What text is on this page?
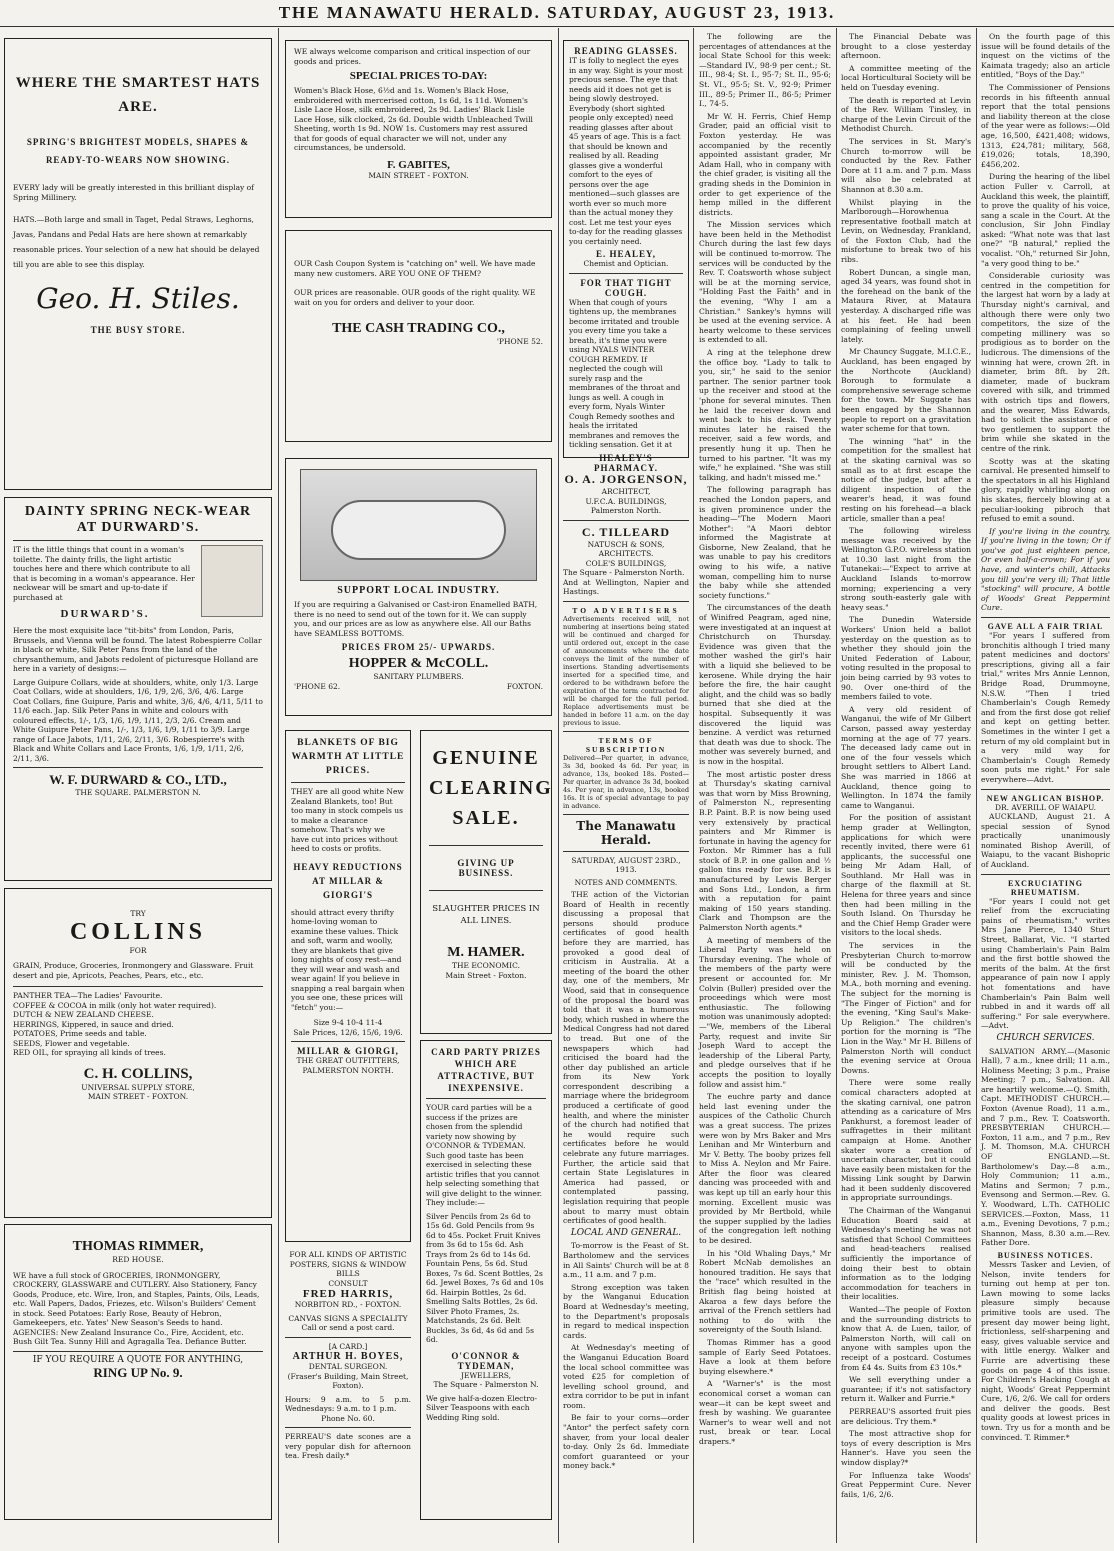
THE MANAWATU HERALD. SATURDAY, AUGUST 23, 1913.
WHERE THE SMARTEST HATS ARE.
SPRING'S BRIGHTEST MODELS, SHAPES & READY-TO-WEARS NOW SHOWING.
EVERY lady will be greatly interested in this brilliant display of Spring Millinery.
HATS.—Both large and small in Taget, Pedal Straws, Leghorns, Javas, Pandans and Pedal Hats are here shown at remarkably reasonable prices. Your selection of a new hat should be delayed till you are able to see this display.
Geo. H. Stiles.
THE BUSY STORE.
DAINTY SPRING NECK-WEAR AT DURWARD'S.
IT is the little things that count in a woman's toilette. The dainty frills, the light artistic touches here and there which contribute to all that is becoming in a woman's appearance. Her neckwear will be smart and up-to-date if purchased at
DURWARD'S.
Here the most exquisite lace "tit-bits" from London, Paris, Brussels, and Vienna will be found. The latest Robespierre Collar in black or white, Silk Peter Pans from the land of the chrysanthemum, and Jabots redolent of picturesque Holland are here in a variety of designs:—
Large Guipure Collars, wide at shoulders, white, only 1/3. Large Coat Collars, wide at shoulders, 1/6, 1/9, 2/6, 3/6, 4/6. Large Coat Collars, fine Guipure, Paris and white, 3/6, 4/6, 4/11, 5/11 to 11/6 each. Jap. Silk Peter Pans in white and colours with coloured effects, 1/-, 1/3, 1/6, 1/9, 1/11, 2/3, 2/6. Cream and White Guipure Peter Pans, 1/-, 1/3, 1/6, 1/9, 1/11 to 3/9. Large range of Lace Jabots, 1/11, 2/6, 2/11, 3/6. Robespierre's with Black and White Collars and Lace Fronts, 1/6, 1/9, 1/11, 2/6, 2/11, 3/6.
W. F. DURWARD & CO., LTD.,
THE SQUARE. PALMERSTON N.
TRY
COLLINS
FOR
GRAIN, Produce, Groceries, Ironmongery and Glassware. Fruit desert and pie, Apricots, Peaches, Pears, etc., etc.
PANTHER TEA—The Ladies' Favourite.
COFFEE & COCOA in milk (only hot water required).
DUTCH & NEW ZEALAND CHEESE.
HERRINGS, Kippered, in sauce and dried.
POTATOES, Prime seeds and table.
SEEDS, Flower and vegetable.
RED OIL, for spraying all kinds of trees.
C. H. COLLINS,
UNIVERSAL SUPPLY STORE,
MAIN STREET - FOXTON.
THOMAS RIMMER,
RED HOUSE.
WE have a full stock of GROCERIES, IRONMONGERY, CROCKERY, GLASSWARE and CUTLERY. Also Stationery, Fancy Goods, Produce, etc. Wire, Iron, and Staples, Paints, Oils, Leads, etc. Wall Papers, Dados, Friezes, etc. Wilson's Builders' Cement in stock. Seed Potatoes: Early Rose, Beauty of Hebron, Gamekeepers, etc. Yates' New Season's Seeds to hand. AGENCIES: New Zealand Insurance Co., Fire, Accident, etc. Bush Gilt Tea. Sunny Hill and Agragalla Tea. Defiance Butter.
IF YOU REQUIRE A QUOTE FOR ANYTHING,
RING UP No. 9.
WE always welcome comparison and critical inspection of our goods and prices.
SPECIAL PRICES TO-DAY:
Women's Black Hose, 6½d and 1s. Women's Black Hose, embroidered with mercerised cotton, 1s 6d, 1s 11d. Women's Lisle Lace Hose, silk embroidered, 2s 9d. Ladies' Black Lisle Lace Hose, silk clocked, 2s 6d. Double width Unbleached Twill Sheeting, worth 1s 9d. NOW 1s. Customers may rest assured that for goods of equal character we will not, under any circumstances, be undersold.
F. GABITES,
MAIN STREET - FOXTON.
OUR Cash Coupon System is "catching on" well. We have made many new customers. ARE YOU ONE OF THEM?
OUR prices are reasonable. OUR goods of the right quality. WE wait on you for orders and deliver to your door.
THE CASH TRADING CO.,
'PHONE 52.
SUPPORT LOCAL INDUSTRY.
If you are requiring a Galvanised or Cast-iron Enamelled BATH, there is no need to send out of the town for it. We can supply you, and our prices are as low as anywhere else. All our Baths have SEAMLESS BOTTOMS.
PRICES FROM 25/- UPWARDS.
HOPPER & McCOLL.
SANITARY PLUMBERS.
'PHONE 62.	FOXTON.
BLANKETS OF BIG WARMTH AT LITTLE PRICES.
THEY are all good white New Zealand Blankets, too! But too many in stock compels us to make a clearance somehow. That's why we have cut into prices without heed to costs or profits.
HEAVY REDUCTIONS AT MILLAR & GIORGI'S
should attract every thrifty home-loving woman to examine these values. Thick and soft, warm and woolly, they are blankets that give long nights of cosy rest—and they will wear and wash and wear again! If you believe in snapping a real bargain when you see one, these prices will "fetch" you:—
Size 9-4 10-4 11-4
Sale Prices, 12/6, 15/6, 19/6.
MILLAR & GIORGI,
THE GREAT OUTFITTERS, PALMERSTON NORTH.
FOR ALL KINDS OF ARTISTIC POSTERS, SIGNS & WINDOW BILLS
CONSULT
FRED HARRIS,
NORBITON RD., - FOXTON.
CANVAS SIGNS A SPECIALITY
Call or send a post card.
[A CARD.]
ARTHUR H. BOYES,
DENTAL SURGEON.
(Fraser's Building, Main Street, Foxton).
Hours: 9 a.m. to 5 p.m. Wednesdays: 9 a.m. to 1 p.m.
Phone No. 60.
PERREAU'S date scones are a very popular dish for afternoon tea. Fresh daily.*
GENUINE CLEARING SALE.
GIVING UP BUSINESS.
SLAUGHTER PRICES IN ALL LINES.
M. HAMER.
THE ECONOMIC.
Main Street - Foxton.
CARD PARTY PRIZES WHICH ARE ATTRACTIVE, BUT INEXPENSIVE.
YOUR card parties will be a success if the prizes are chosen from the splendid variety now showing by O'CONNOR & TYDEMAN. Such good taste has been exercised in selecting these artistic trifles that you cannot help selecting something that will give delight to the winner. They include:—
Silver Pencils from 2s 6d to 15s 6d. Gold Pencils from 9s 6d to 45s. Pocket Fruit Knives from 3s 6d to 15s 6d. Ash Trays from 2s 6d to 14s 6d. Fountain Pens, 5s 6d. Stud Boxes, 7s 6d. Scent Bottles, 2s 6d. Jewel Boxes, 7s 6d and 10s 6d. Hairpin Bottles, 2s 6d. Smelling Salts Bottles, 2s 6d. Silver Photo Frames, 2s. Matchstands, 2s 6d. Belt Buckles, 3s 6d, 4s 6d and 5s 6d.
O'CONNOR & TYDEMAN,
JEWELLERS,
The Square - Palmerston N.
We give half-a-dozen Electro-Silver Teaspoons with each Wedding Ring sold.
READING GLASSES.
IT is folly to neglect the eyes in any way. Sight is your most precious sense. The eye that needs aid it does not get is being slowly destroyed. Everybody (short sighted people only excepted) need reading glasses after about 45 years of age. This is a fact that should be known and realised by all. Reading glasses give a wonderful comfort to the eyes of persons over the age mentioned—such glasses are worth ever so much more than the actual money they cost. Let me test your eyes to-day for the reading glasses you certainly need.
E. HEALEY,
Chemist and Optician.
FOR THAT TIGHT COUGH.
When that cough of yours tightens up, the membranes become irritated and trouble you every time you take a breath, it's time you were using NYALS WINTER COUGH REMEDY. If neglected the cough will surely rasp and the membranes of the throat and lungs as well. A cough in every form, Nyals Winter Cough Remedy soothes and heals the irritated membranes and removes the tickling sensation. Get it at
HEALEY'S PHARMACY.
O. A. JORGENSON,
ARCHITECT,
U.F.C.A. BUILDINGS,
Palmerston North.
C. TILLEARD
NATUSCH & SONS,
ARCHITECTS.
COLE'S BUILDINGS,
The Square - Palmerston North.
And at Wellington, Napier and Hastings.
TO ADVERTISERS
Advertisements received will, not numbering at insertions being stated will be continued and charged for until ordered out, except in the case of announcements where the date conveys the limit of the number of insertions. Standing advertisements inserted for a specified time, and ordered to be withdrawn before the expiration of the term contracted for will be charged for the full period. Replace advertisements must be handed in before 11 a.m. on the day previous to issue.
TERMS OF SUBSCRIPTION
Delivered—Per quarter, in advance, 3s 3d, booked 4s 6d. Per year, in advance, 13s, booked 18s. Posted—Per quarter, in advance 3s 3d, booked 4s. Per year, in advance, 13s, booked 16s. It is of special advantage to pay in advance.
The Manawatu Herald.
SATURDAY, AUGUST 23RD., 1913.
NOTES AND COMMENTS.

THE action of the Victorian Board of Health in recently discussing a proposal that persons should produce certificates of good health before they are married, has provoked a good deal of criticism in Australia. At a meeting of the board the other day, one of the members, Mr Wood, said that in consequence of the proposal the board was told that it was a humorous body, which rushed in where the Medical Congress had not dared to tread. But one of the newspapers which had criticised the board had the other day published an article from its New York correspondent describing a marriage where the bridegroom produced a certificate of good health, and where the minister of the church had notified that he would require such certificates before he would celebrate any future marriages. Further, the article said that certain State Legislatures in America had passed, or contemplated passing, legislation requiring that people about to marry must obtain certificates of good health.

LOCAL AND GENERAL.

To-morrow is the Feast of St. Bartholomew and the services in All Saints' Church will be at 8 a.m., 11 a.m. and 7 p.m.

Strong exception was taken by the Wanganui Education Board at Wednesday's meeting, to the Department's proposals in regard to medical inspection cards.

At Wednesday's meeting of the Wanganui Education Board the local school committee was voted £25 for completion of levelling school ground, and extra corridor to be put in infant room.

Be fair to your corns—order "Antor" the perfect safety corn shaver, from your local dealer to-day. Only 2s 6d. Immediate comfort guaranteed or your money back.*

The following are the percentages of attendances at the local State School for this week:—Standard IV., 98·9 per cent.; St. III., 98·4; St. I., 95·7; St. II., 95·6; St. VI., 95·5; St. V., 92·9; Primer III., 89·5; Primer II., 86·5; Primer I., 74·5.

Mr W. H. Ferris, Chief Hemp Grader, paid an official visit to Foxton yesterday. He was accompanied by the recently appointed assistant grader, Mr Adam Hall, who in company with the chief grader, is visiting all the grading sheds in the Dominion in order to get experience of the hemp milled in the different districts.

The Mission services which have been held in the Methodist Church during the last few days will be continued to-morrow. The services will be conducted by the Rev. T. Coatsworth whose subject will be at the morning service, "Holding Fast the Faith" and in the evening, "Why I am a Christian." Sankey's hymns will be used at the evening service. A hearty welcome to these services is extended to all.

A ring at the telephone drew the office boy. "Lady to talk to you, sir," he said to the senior partner. The senior partner took up the receiver and stood at the 'phone for several minutes. Then he laid the receiver down and went back to his desk. Twenty minutes later he raised the receiver, said a few words, and presently hung it up. Then he turned to his partner. "It was my wife," he explained. "She was still talking, and hadn't missed me."

The following paragraph has reached the London papers, and is given prominence under the heading—"The Modern Maori Mother": "A Maori debtor informed the Magistrate at Gisborne, New Zealand, that he was unable to pay his creditors owing to his wife, a native woman, compelling him to nurse the baby while she attended society functions."

The circumstances of the death of Winifred Peagram, aged nine, were investigated at an inquest at Christchurch on Thursday. Evidence was given that the mother washed the girl's hair with a liquid she believed to be kerosene. While drying the hair before the fire, the hair caught alight, and the child was so badly burned that she died at the hospital. Subsequently it was discovered the liquid was benzine. A verdict was returned that death was due to shock. The mother was severely burned, and is now in the hospital.

The most artistic poster dress at Thursday's skating carnival was that worn by Miss Browning, of Palmerston N., representing B.P. Paint. B.P. is now being used very extensively by practical painters and Mr Rimmer is fortunate in having the agency for Foxton. Mr Rimmer has a full stock of B.P. in one gallon and ½ gallon tins ready for use. B.P. is manufactured by Lewis Berger and Sons Ltd., London, a firm with a reputation for paint making of 150 years standing. Clark and Thompson are the Palmerston North agents.*

A meeting of members of the Liberal Party was held on Thursday evening. The whole of the members of the party were present or accounted for. Mr Colvin (Buller) presided over the proceedings which were most enthusiastic. The following motion was unanimously adopted:—"We, members of the Liberal Party, request and invite Sir Joseph Ward to accept the leadership of the Liberal Party, and pledge ourselves that if he accepts the position to loyally follow and assist him."

The euchre party and dance held last evening under the auspices of the Catholic Church was a great success. The prizes were won by Mrs Baker and Mrs Lenihan and Mr Winterburn and Mr V. Betty. The booby prizes fell to Miss A. Neylon and Mr Faire. After the floor was cleared dancing was proceeded with and was kept up till an early hour this morning. Excellent music was provided by Mr Bertbold, while the supper supplied by the ladies of the congregation left nothing to be desired.

In his "Old Whaling Days," Mr Robert McNab demolishes an honoured tradition. He says that the "race" which resulted in the British flag being hoisted at Akaroa a few days before the arrival of the French settlers had nothing to do with the sovereignty of the South Island.

Thomas Rimmer has a good sample of Early Seed Potatoes. Have a look at them before buying elsewhere.*

A "Warner's" is the most economical corset a woman can wear—it can be kept sweet and fresh by washing. We guarantee Warner's to wear well and not rust, break or tear. Local drapers.*

The Financial Debate was brought to a close yesterday afternoon.

A committee meeting of the local Horticultural Society will be held on Tuesday evening.

The death is reported at Levin of the Rev. William Tinsley, in charge of the Levin Circuit of the Methodist Church.

The services in St. Mary's Church to-morrow will be conducted by the Rev. Father Dore at 11 a.m. and 7 p.m. Mass will also be celebrated at Shannon at 8.30 a.m.

Whilst playing in the Marlborough—Horowhenua representative football match at Levin, on Wednesday, Frankland, of the Foxton Club, had the misfortune to break two of his ribs.

Robert Duncan, a single man, aged 34 years, was found shot in the forehead on the bank of the Mataura River, at Mataura yesterday. A discharged rifle was at his feet. He had been complaining of feeling unwell lately.

Mr Chauncy Suggate, M.I.C.E., Auckland, has been engaged by the Northcote (Auckland) Borough to formulate a comprehensive sewerage scheme for the town. Mr Suggate has been engaged by the Shannon people to report on a gravitation water scheme for that town.

The winning "hat" in the competition for the smallest hat at the skating carnival was so small as to at first escape the notice of the judge, but after a diligent inspection of the wearer's head, it was found resting on his forehead—a black article, smaller than a pea!

The following wireless message was received by the Wellington G.P.O. wireless station at 10.30 last night from the Tutanekai:—"Expect to arrive at Auckland Islands to-morrow morning; experiencing a very strong south-easterly gale with heavy seas."

The Dunedin Waterside Workers' Union held a ballot yesterday on the question as to whether they should join the United Federation of Labour, voting resulted in the proposal to join being carried by 93 votes to 90. Over one-third of the members failed to vote.

A very old resident of Wanganui, the wife of Mr Gilbert Carson, passed away yesterday morning at the age of 77 years. The deceased lady came out in one of the four vessels which brought settlers to Albert Land. She was married in 1866 at Auckland, thence going to Wellington. In 1874 the family came to Wanganui.

For the position of assistant hemp grader at Wellington, applications for which were recently invited, there were 61 applicants, the successful one being Mr Adam Hall, of Southland. Mr Hall was in charge of the flaxmill at St. Helena for three years and since then had been milling in the South Island. On Thursday he and the Chief Hemp Grader were visitors to the local sheds.

The services in the Presbyterian Church to-morrow will be conducted by the minister, Rev. J. M. Thomson, M.A., both morning and evening. The subject for the morning is "The Finger of Fiction" and for the evening, "King Saul's Make-Up Religion." The children's portion for the morning is "The Lion in the Way." Mr H. Billens of Palmerston North will conduct the evening service at Oroua Downs.

There were some really comical characters adopted at the skating carnival, one patron attending as a caricature of Mrs Pankhurst, a foremost leader of suffragettes in their militant campaign at Home. Another skater wore a creation of uncertain character, but it could have easily been mistaken for the Missing Link sought by Darwin had it been suddenly discovered in appropriate surroundings.

The Chairman of the Wanganui Education Board said at Wednesday's meeting he was not satisfied that School Committees and head-teachers realised sufficiently the importance of doing their best to obtain information as to the lodging accommodation for teachers in their localities.

Wanted—The people of Foxton and the surrounding districts to know that A. de Luen, tailor, of Palmerston North, will call on anyone with samples upon the receipt of a postcard. Costumes from £4 4s. Suits from £3 10s.*

We sell everything under a guarantee; if it's not satisfactory return it. Walker and Furrie.*

PERREAU'S assorted fruit pies are delicious. Try them.*

The most attractive shop for toys of every description is Mrs Hanner's. Have you seen the window display?*

For Influenza take Woods' Great Peppermint Cure. Never fails, 1/6, 2/6.

On the fourth page of this issue will be found details of the inquest on the victims of the Kaimata tragedy; also an article entitled, "Boys of the Day."

The Commissioner of Pensions records in his fifteenth annual report that the total pensions and liability thereon at the close of the year were as follows:—Old age, 16,500, £421,408; widows, 1313, £24,781; military, 568, £19,026; totals, 18,390, £456,202.

During the hearing of the libel action Fuller v. Carroll, at Auckland this week, the plaintiff, to prove the quality of his voice, sang a scale in the Court. At the conclusion, Sir John Findlay asked: "What note was that last one?" "B natural," replied the vocalist. "Oh," returned Sir John, "a very good thing to be."

Considerable curiosity was centred in the competition for the largest hat worn by a lady at Thursday night's carnival, and although there were only two competitors, the size of the competing millinery was so prodigious as to border on the ludicrous. The dimensions of the winning hat were, crown 2ft. in diameter, brim 8ft. by 2ft. diameter, made of buckram covered with silk, and trimmed with ostrich tips and flowers, and the wearer, Miss Edwards, had to solicit the assistance of two gentlemen to support the brim while she skated in the centre of the rink.

Scotty was at the skating carnival. He presented himself to the spectators in all his Highland glory, rapidly whirling along on his skates, fiercely blowing at a peculiar-looking pibroch that refused to emit a sound.

If you're living in the country, If you're living in the town; Or if you've got just eighteen pence, Or even half-a-crown; For if you have, and winter's chill, Attacks you till you're very ill; That little "stocking" will procure, A bottle of Woods' Great Peppermint Cure.

GAVE ALL A FAIR TRIAL

"For years I suffered from bronchitis although I tried many patent medicines and doctors' prescriptions, giving all a fair trial," writes Mrs Annie Lennon, Bridge Road, Drummoyne, N.S.W. "Then I tried Chamberlain's Cough Remedy and from the first dose got relief and kept on getting better. Sometimes in the winter I get a return of my old complaint but in a very mild way for Chamberlain's Cough Remedy soon puts me right." For sale everywhere—Advt.

NEW ANGLICAN BISHOP.
DR. AVERILL OF WAIAPU.

AUCKLAND, August 21. A special session of Synod practically unanimously nominated Bishop Averill, of Waiapu, to the vacant Bishopric of Auckland.

EXCRUCIATING RHEUMATISM.

"For years I could not get relief from the excruciating pains of rheumatism," writes Mrs Jane Pierce, 1340 Sturt Street, Ballarat, Vic. "I started using Chamberlain's Pain Balm and the first bottle showed the merits of the balm. At the first appearance of pain now I apply hot fomentations and have Chamberlain's Pain Balm well rubbed in and it wards off all suffering." For sale everywhere.—Advt.

CHURCH SERVICES.

SALVATION ARMY.—(Masonic Hall), 7 a.m., knee drill; 11 a.m., Holiness Meeting; 3 p.m., Praise Meeting; 7 p.m., Salvation. All are heartily welcome.—Q. Smith, Capt. METHODIST CHURCH.—Foxton (Avenue Road), 11 a.m., and 7 p.m., Rev. T. Coatsworth. PRESBYTERIAN CHURCH.—Foxton, 11 a.m., and 7 p.m., Rev J. M. Thomson, M.A. CHURCH OF ENGLAND.—St. Bartholomew's Day.—8 a.m., Holy Communion; 11 a.m., Matins and Sermon; 7 p.m., Evensong and Sermon.—Rev. G. Y. Woodward, L.Th. CATHOLIC SERVICES.—Foxton, Mass, 11 a.m., Evening Devotions, 7 p.m.; Shannon, Mass, 8.30 a.m.—Rev. Father Dore.

BUSINESS NOTICES.

Messrs Tasker and Levien, of Nelson, invite tenders for turning out hemp at per ton. Lawn mowing to some lacks pleasure simply because primitive tools are used. The present day mower being light, frictionless, self-sharpening and easy, gives valuable service and with little energy. Walker and Furrie are advertising these goods on page 4 of this issue. For Children's Hacking Cough at night, Woods' Great Peppermint Cure, 1/6, 2/6. We call for orders and deliver the goods. Best quality goods at lowest prices in town. Try us for a month and be convinced. T. Rimmer.*
